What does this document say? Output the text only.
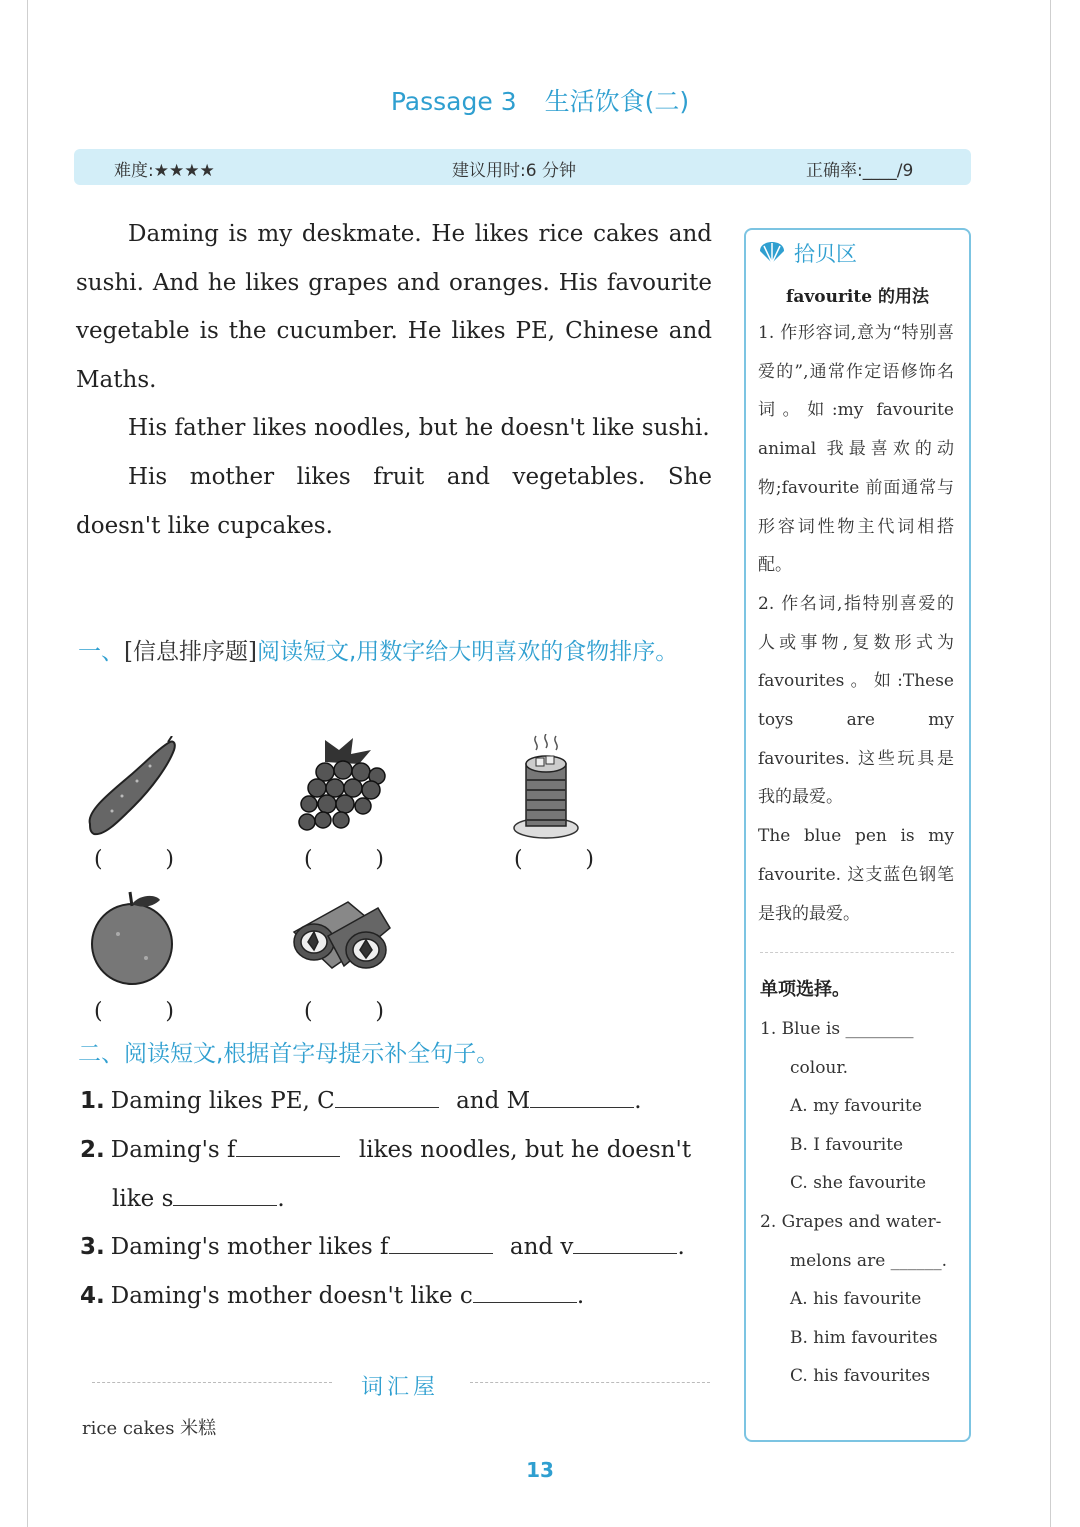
Passage 3 生活饮食(二)
难度:★★★★	建议用时:6 分钟	正确率:____/9

Daming is my deskmate. He likes rice cakes and sushi. And he likes grapes and oranges. His favourite vegetable is the cucumber. He likes PE, Chinese and Maths.

His father likes noodles, but he doesn't like sushi.

His mother likes fruit and vegetables. She doesn't like cupcakes.

一、[信息排序题]阅读短文,用数字给大明喜欢的食物排序。
(	)	(	)	(	)
(	)	(	)
二、阅读短文,根据首字母提示补全句子。
1. Daming likes PE, C	and M	.
2. Daming's f	likes noodles, but he doesn't
like s	.
3. Daming's mother likes f	and v	.
4. Daming's mother doesn't like c	.
词汇屋
rice cakes 米糕
13
拾贝区
favourite 的用法

1. 作形容词,意为“特别喜爱的”,通常作定语修饰名词。如:my favourite animal 我最喜欢的动物;favourite 前面通常与形容词性物主代词相搭配。

2. 作名词,指特别喜爱的人或事物,复数形式为 favourites。如:These toys are my favourites. 这些玩具是我的最爱。

The blue pen is my favourite. 这支蓝色钢笔是我的最爱。

单项选择。
1. Blue is ________
colour.
A. my favourite
B. I favourite
C. she favourite
2. Grapes and water-
melons are ______.
A. his favourite
B. him favourites
C. his favourites
